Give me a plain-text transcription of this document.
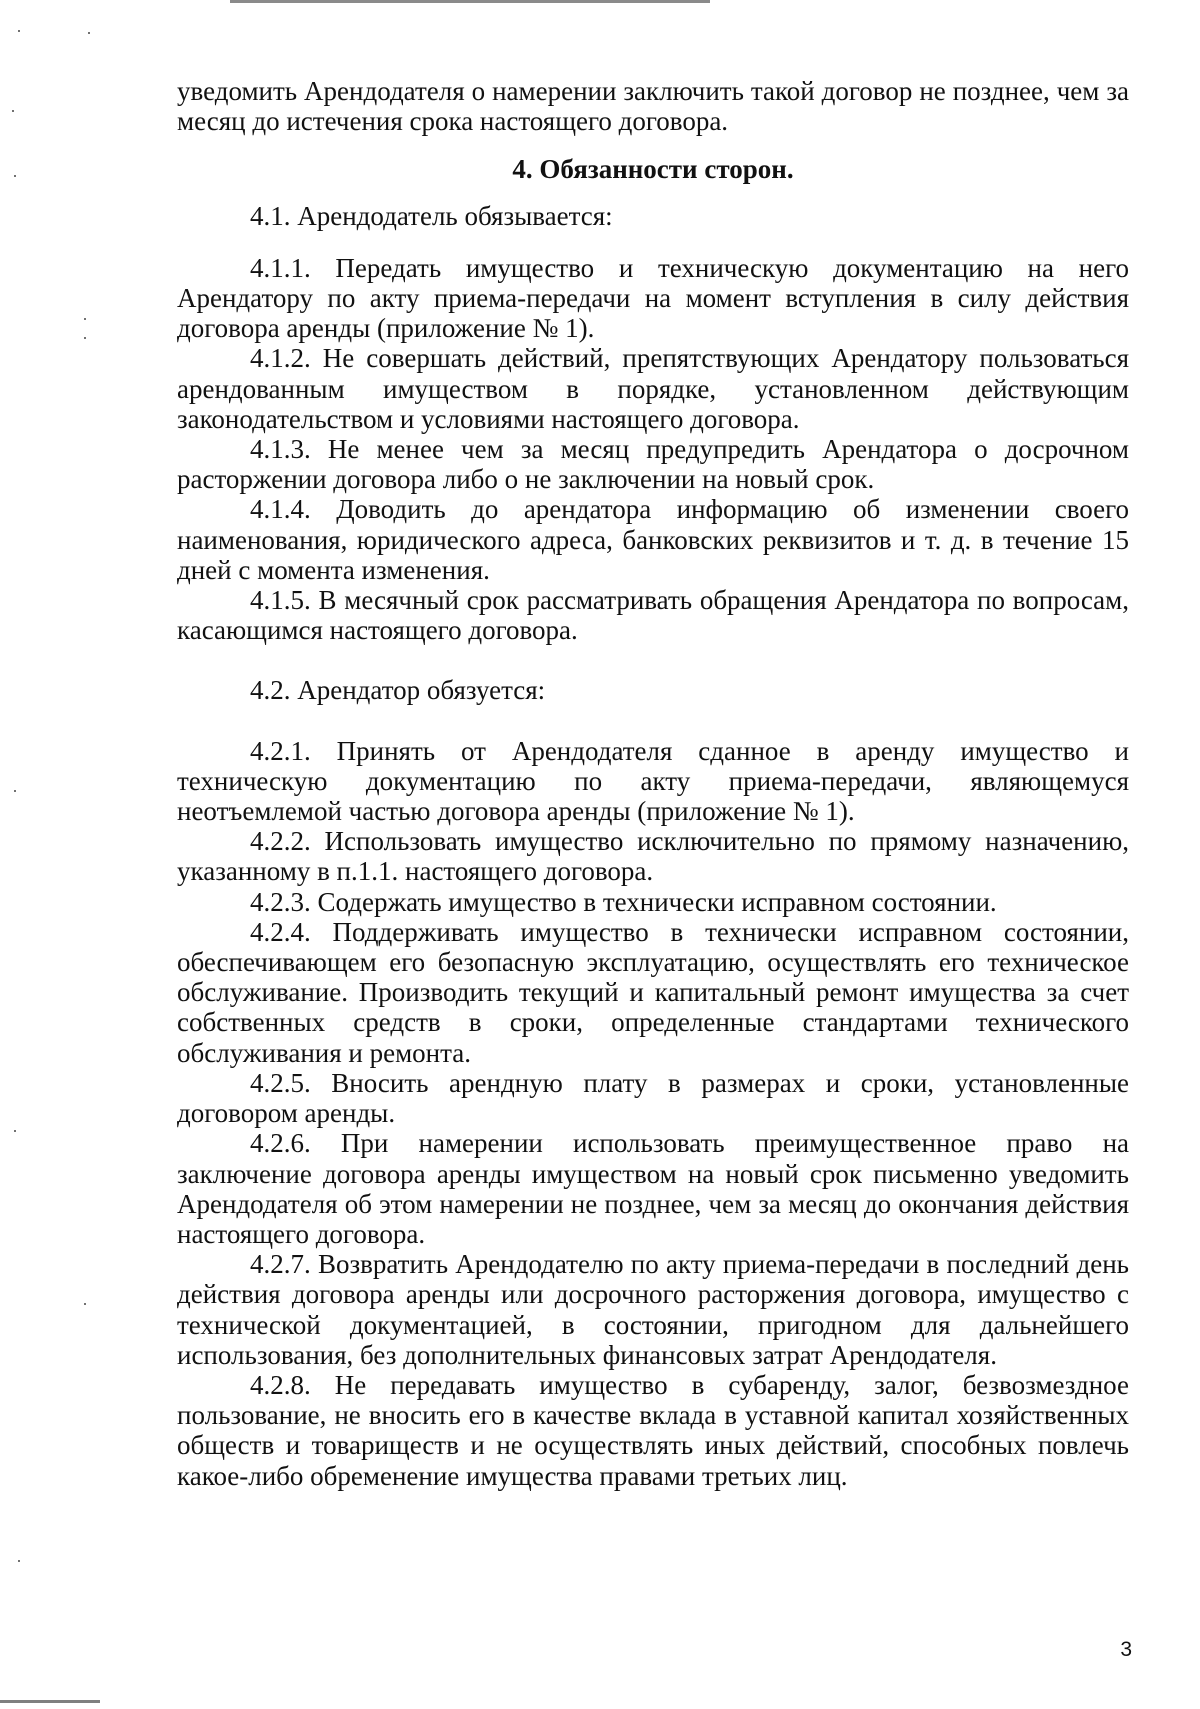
уведомить Арендодателя о намерении заключить такой договор не позднее, чем за месяц до истечения срока настоящего договора.

4. Обязанности сторон.

4.1. Арендодатель обязывается:

4.1.1. Передать имущество и техническую документацию на него Арендатору по акту приема-передачи на момент вступления в силу действия договора аренды (приложение № 1).

4.1.2. Не совершать действий, препятствующих Арендатору пользоваться арендованным имуществом в порядке, установленном действующим законодательством и условиями настоящего договора.

4.1.3. Не менее чем за месяц предупредить Арендатора о досрочном расторжении договора либо о не заключении на новый срок.

4.1.4. Доводить до арендатора информацию об изменении своего наименования, юридического адреса, банковских реквизитов и т. д. в течение 15 дней с момента изменения.

4.1.5. В месячный срок рассматривать обращения Арендатора по вопросам, касающимся настоящего договора.

4.2. Арендатор обязуется:

4.2.1. Принять от Арендодателя сданное в аренду имущество и техническую документацию по акту приема-передачи, являющемуся неотъемлемой частью договора аренды (приложение № 1).

4.2.2. Использовать имущество исключительно по прямому назначению, указанному в п.1.1. настоящего договора.

4.2.3. Содержать имущество в технически исправном состоянии.

4.2.4. Поддерживать имущество в технически исправном состоянии, обеспечивающем его безопасную эксплуатацию, осуществлять его техническое обслуживание. Производить текущий и капитальный ремонт имущества за счет собственных средств в сроки, определенные стандартами технического обслуживания и ремонта.

4.2.5. Вносить арендную плату в размерах и сроки, установленные договором аренды.

4.2.6. При намерении использовать преимущественное право на заключение договора аренды имуществом на новый срок письменно уведомить Арендодателя об этом намерении не позднее, чем за месяц до окончания действия настоящего договора.

4.2.7. Возвратить Арендодателю по акту приема-передачи в последний день действия договора аренды или досрочного расторжения договора, имущество с технической документацией, в состоянии, пригодном для дальнейшего использования, без дополнительных финансовых затрат Арендодателя.

4.2.8. Не передавать имущество в субаренду, залог, безвозмездное пользование, не вносить его в качестве вклада в уставной капитал хозяйственных обществ и товариществ и не осуществлять иных действий, способных повлечь какое-либо обременение имущества правами третьих лиц.

3
